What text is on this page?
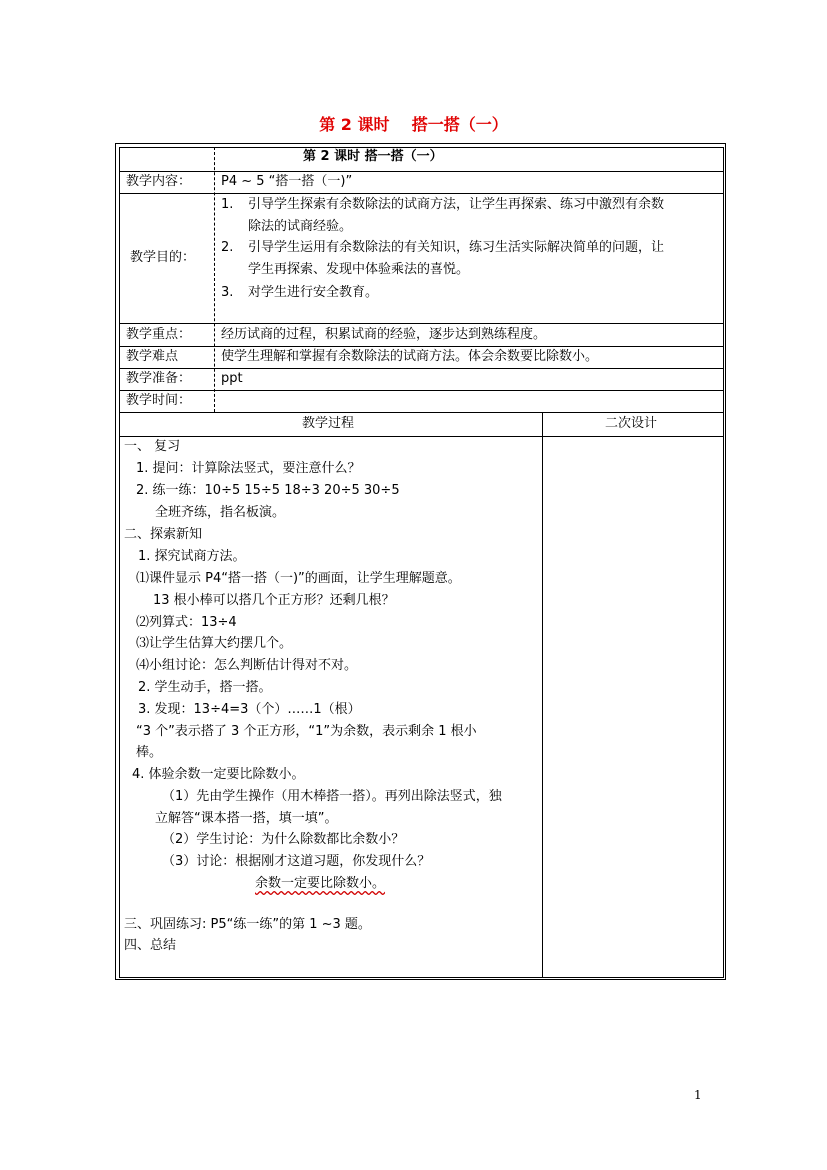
第 2 课时    搭一搭（一）
第 2 课时 搭一搭（一）
教学内容： P4 ~ 5 “搭一搭（一)”
教学目的：
1. 引导学生探索有余数除法的试商方法，让学生再探索、练习中激烈有余数
除法的试商经验。
2. 引导学生运用有余数除法的有关知识，练习生活实际解决简单的问题，让
学生再探索、发现中体验乘法的喜悦。
3. 对学生进行安全教育。
教学重点： 经历试商的过程，积累试商的经验，逐步达到熟练程度。
教学难点	使学生理解和掌握有余数除法的试商方法。体会余数要比除数小。
教学准备： ppt
教学时间：
教学过程	二次设计
一、 复习
1. 提问：计算除法竖式，要注意什么？
2. 练一练：10÷5 15÷5 18÷3 20÷5 30÷5
全班齐练，指名板演。
二、探索新知
1. 探究试商方法。
⑴课件显示 P4“搭一搭（一)”的画面，让学生理解题意。
13 根小棒可以搭几个正方形？还剩几根？
⑵列算式：13÷4
⑶让学生估算大约摆几个。
⑷小组讨论：怎么判断估计得对不对。
2. 学生动手，搭一搭。
3. 发现：13÷4=3（个）……1（根）
“3 个”表示搭了 3 个正方形，“1”为余数，表示剩余 1 根小
棒。
4. 体验余数一定要比除数小。
（1）先由学生操作（用木棒搭一搭）。再列出除法竖式，独
立解答“课本搭一搭，填一填”。
（2）学生讨论：为什么除数都比余数小？
（3）讨论：根据刚才这道习题，你发现什么？
余数一定要比除数小。
三、巩固练习: P5“练一练”的第 1 ~3 题。
四、总结
1
